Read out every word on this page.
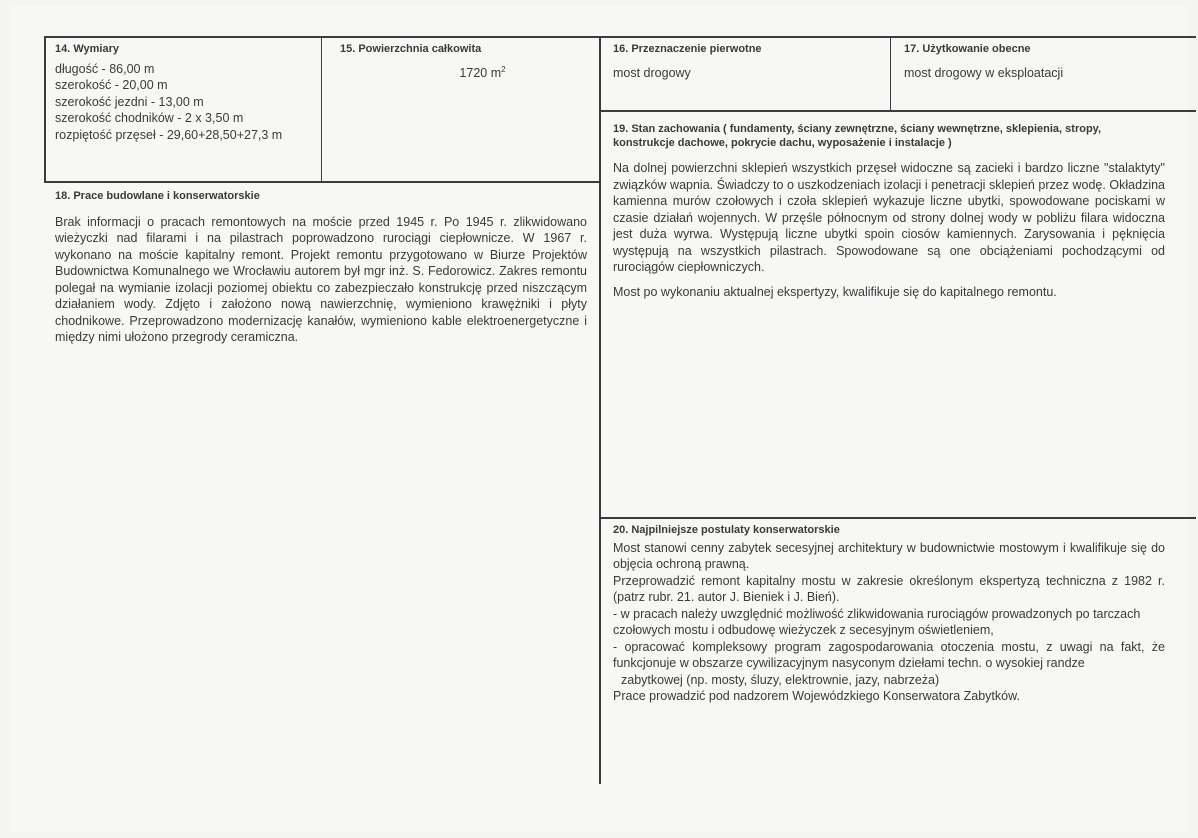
14. Wymiary
długość - 86,00 m
szerokość - 20,00 m
szerokość jezdni - 13,00 m
szerokość chodników - 2 x 3,50 m
rozpiętość przęseł - 29,60+28,50+27,3 m
15. Powierzchnia całkowita
1720 $m^2$
16. Przeznaczenie pierwotne
most drogowy
17. Użytkowanie obecne
most drogowy w eksploatacji
18. Prace budowlane i konserwatorskie
Brak informacji o pracach remontowych na moście przed 1945 r. Po 1945 r. zlikwidowano wieżyczki nad filarami i na pilastrach poprowadzono rurociągi ciepłownicze. W 1967 r. wykonano na moście kapitalny remont. Projekt remontu przygotowano w Biurze Projektów Budownictwa Komunalnego we Wrocławiu autorem był mgr inż. S. Fedorowicz. Zakres remontu polegał na wymianie izolacji poziomej obiektu co zabezpieczało konstrukcję przed niszczącym działaniem wody. Zdjęto i założono nową nawierzchnię, wymieniono krawężniki i płyty chodnikowe. Przeprowadzono modernizację kanałów, wymieniono kable elektroenergetyczne i między nimi ułożono przegrody ceramiczna.
19. Stan zachowania ( fundamenty, ściany zewnętrzne, ściany wewnętrzne, sklepienia, stropy, konstrukcje dachowe, pokrycie dachu, wyposażenie i instalacje )
Na dolnej powierzchni sklepień wszystkich przęseł widoczne są zacieki i bardzo liczne "stalaktyty" związków wapnia. Świadczy to o uszkodzeniach izolacji i penetracji sklepień przez wodę. Okładzina kamienna murów czołowych i czoła sklepień wykazuje liczne ubytki, spowodowane pociskami w czasie działań wojennych. W przęśle północnym od strony dolnej wody w pobliżu filara widoczna jest duża wyrwa. Występują liczne ubytki spoin ciosów kamiennych. Zarysowania i pęknięcia występują na wszystkich pilastrach. Spowodowane są one obciążeniami pochodzącymi od rurociągów ciepłowniczych.
Most po wykonaniu aktualnej ekspertyzy, kwalifikuje się do kapitalnego remontu.
20. Najpilniejsze postulaty konserwatorskie
Most stanowi cenny zabytek secesyjnej architektury w budownictwie mostowym i kwalifikuje się do objęcia ochroną prawną.
Przeprowadzić remont kapitalny mostu w zakresie określonym ekspertyzą techniczna z 1982 r. (patrz rubr. 21. autor J. Bieniek i J. Bień).
- w pracach należy uwzględnić możliwość zlikwidowania rurociągów prowadzonych po tarczach czołowych mostu i odbudowę wieżyczek z secesyjnym oświetleniem,
- opracować kompleksowy program zagospodarowania otoczenia mostu, z uwagi na fakt, że funkcjonuje w obszarze cywilizacyjnym nasyconym dziełami techn. o wysokiej randze
zabytkowej (np. mosty, śluzy, elektrownie, jazy, nabrzeża)
Prace prowadzić pod nadzorem Wojewódzkiego Konserwatora Zabytków.
